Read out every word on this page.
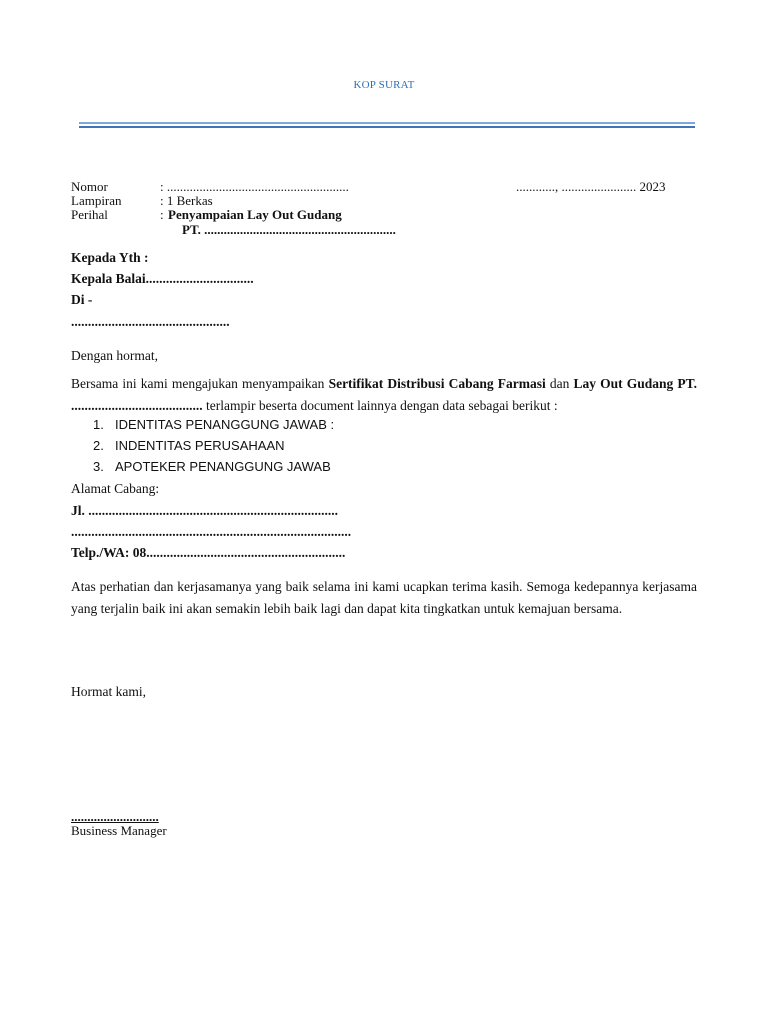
KOP SURAT
Nomor	: ........................................................	............, ....................... 2023
Lampiran	: 1 Berkas
Perihal	: Penyampaian Lay Out Gudang
PT. ...........................................................
Kepada Yth :
Kepala Balai................................
Di -
...............................................
Dengan hormat,
Bersama ini kami mengajukan menyampaikan Sertifikat Distribusi Cabang Farmasi dan Lay Out Gudang PT. ....................................... terlampir beserta document lainnya dengan data sebagai berikut :
1. IDENTITAS PENANGGUNG JAWAB :
2. INDENTITAS PERUSAHAAN
3. APOTEKER PENANGGUNG JAWAB
Alamat Cabang:
Jl. ..........................................................................
...................................................................................
Telp./WA: 08...........................................................
Atas perhatian dan kerjasamanya yang baik selama ini kami ucapkan terima kasih. Semoga kedepannya kerjasama yang terjalin baik ini akan semakin lebih baik lagi dan dapat kita tingkatkan untuk kemajuan bersama.
Hormat kami,
...........................
Business Manager
